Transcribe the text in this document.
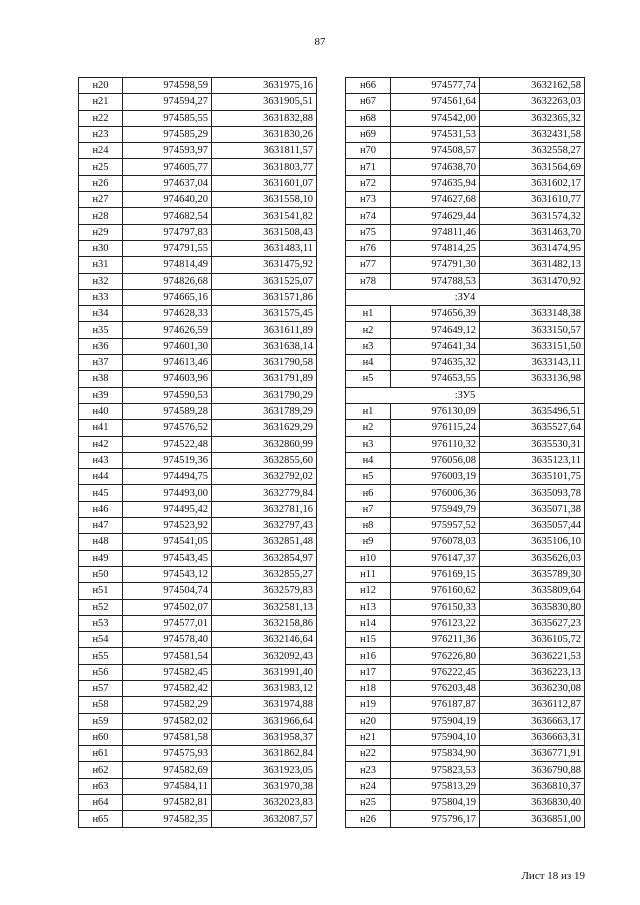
87
н20	974598,59	3631975,16
н21	974594,27	3631905,51
н22	974585,55	3631832,88
н23	974585,29	3631830,26
н24	974593,97	3631811,57
н25	974605,77	3631803,77
н26	974637,04	3631601,07
н27	974640,20	3631558,10
н28	974682,54	3631541,82
н29	974797,83	3631508,43
н30	974791,55	3631483,11
н31	974814,49	3631475,92
н32	974826,68	3631525,07
н33	974665,16	3631571,86
н34	974628,33	3631575,45
н35	974626,59	3631611,89
н36	974601,30	3631638,14
н37	974613,46	3631790,58
н38	974603,96	3631791,89
н39	974590,53	3631790,29
н40	974589,28	3631789,29
н41	974576,52	3631629,29
н42	974522,48	3632860,99
н43	974519,36	3632855,60
н44	974494,75	3632792,02
н45	974493,00	3632779,84
н46	974495,42	3632781,16
н47	974523,92	3632797,43
н48	974541,05	3632851,48
н49	974543,45	3632854,97
н50	974543,12	3632855,27
н51	974504,74	3632579,83
н52	974502,07	3632581,13
н53	974577,01	3632158,86
н54	974578,40	3632146,64
н55	974581,54	3632092,43
н56	974582,45	3631991,40
н57	974582,42	3631983,12
н58	974582,29	3631974,88
н59	974582,02	3631966,64
н60	974581,58	3631958,37
н61	974575,93	3631862,84
н62	974582,69	3631923,05
н63	974584,11	3631970,38
н64	974582,81	3632023,83
н65	974582,35	3632087,57
н66	974577,74	3632162,58
н67	974561,64	3632263,03
н68	974542,00	3632365,32
н69	974531,53	3632431,58
н70	974508,57	3632558,27
н71	974638,70	3631564,69
н72	974635,94	3631602,17
н73	974627,68	3631610,77
н74	974629,44	3631574,32
н75	974811,46	3631463,70
н76	974814,25	3631474,95
н77	974791,30	3631482,13
н78	974788,53	3631470,92
:ЗУ4		
н1	974656,39	3633148,38
н2	974649,12	3633150,57
н3	974641,34	3633151,50
н4	974635,32	3633143,11
н5	974653,55	3633136,98
:ЗУ5		
н1	976130,09	3635496,51
н2	976115,24	3635527,64
н3	976110,32	3635530,31
н4	976056,08	3635123,11
н5	976003,19	3635101,75
н6	976006,36	3635093,78
н7	975949,79	3635071,38
н8	975957,52	3635057,44
н9	976078,03	3635106,10
н10	976147,37	3635626,03
н11	976169,15	3635789,30
н12	976160,62	3635809,64
н13	976150,33	3635830,80
н14	976123,22	3635627,23
н15	976211,36	3636105,72
н16	976226,80	3636221,53
н17	976222,45	3636223,13
н18	976203,48	3636230,08
н19	976187,87	3636112,87
н20	975904,19	3636663,17
н21	975904,10	3636663,31
н22	975834,90	3636771,91
н23	975823,53	3636790,88
н24	975813,29	3636810,37
н25	975804,19	3636830,40
н26	975796,17	3636851,00
Лист 18 из 19
